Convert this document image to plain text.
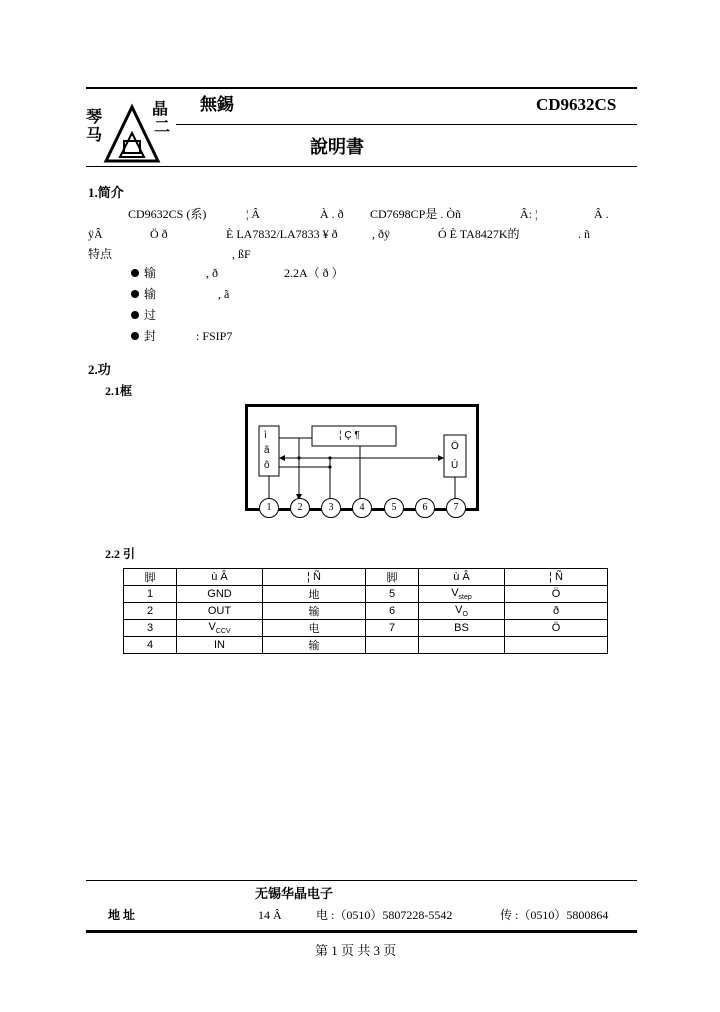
琴
马
晶
二
無錫	CD9632CS
說明書
1.简介
CD9632CS (系)	¦ Â	À . ð CD7698CP是 . Òñ	Â: ¦	Â .
ÿÂ	Ö ð	È LA7832/LA7833 ¥ ð	, ðÿ	Ó È TA8427K的	. ñ
特点	, ßF
输	, ð	2.2A（ ð ）
输	, ã
过
封	: FSIP7
2.功
2.1框
ì
ã
ô
¦ Ç ¶
Ö
Ú
1	2	3	4	5	6	7
2.2 引
脚	ù Â	¦ Ñ	脚	ù Â	¦ Ñ
1	GND	地	5	$V_{step}$	Ö
2	OUT	输	6	$V_O$	ð
3	$V_{CCV}$	电	7	BS	Ö
4	IN	输			
无锡华晶电子
地 址	14 Â	电 :（0510）5807228-5542	传 :（0510）5800864
第 1 页 共 3 页
